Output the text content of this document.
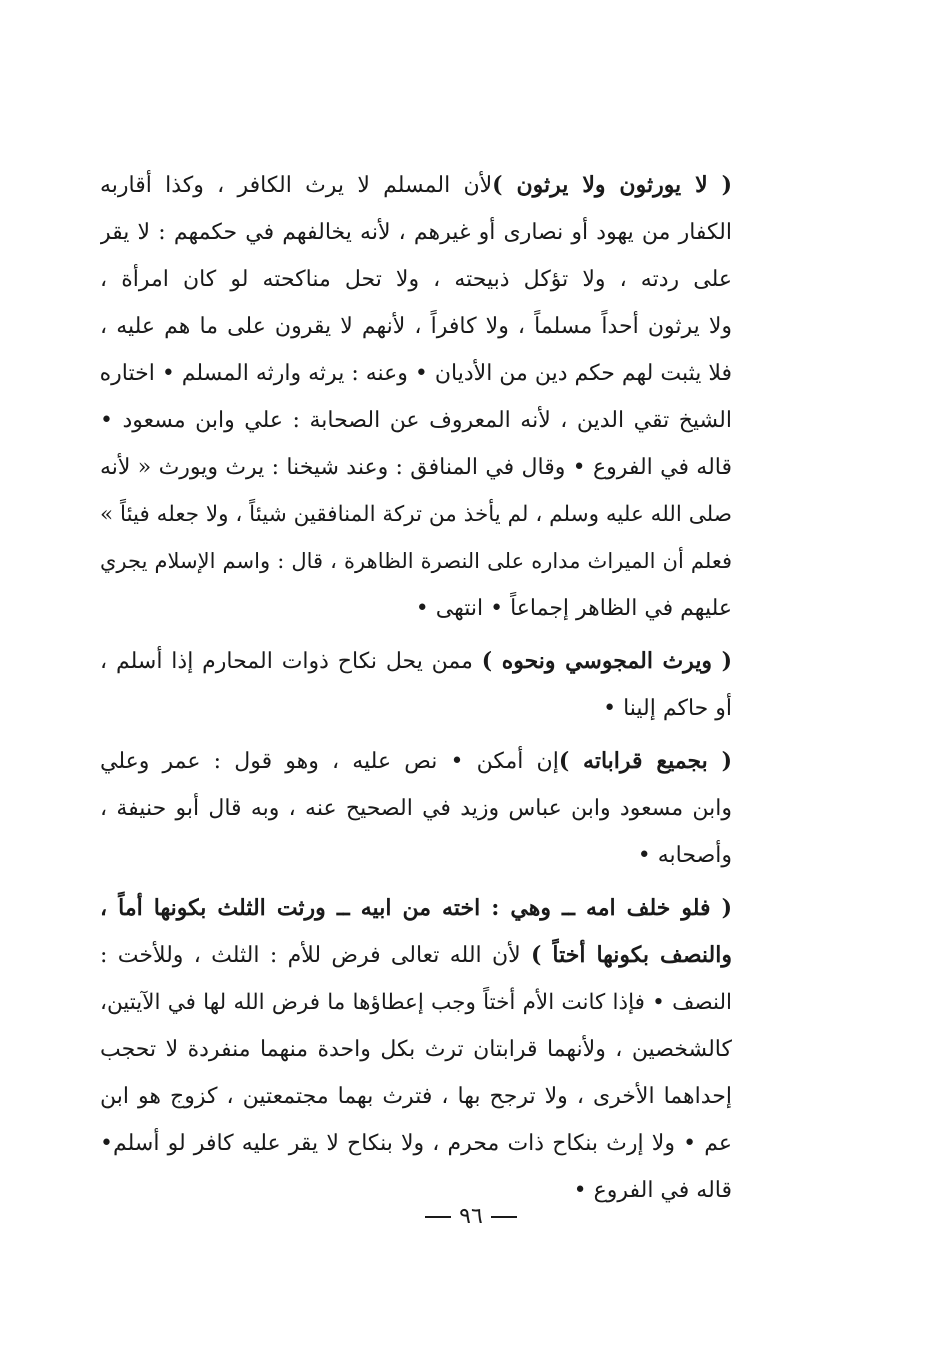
( لا يورثون ولا يرثون )لأن المسلم لا يرث الكافر ، وكذا أقاربه
الكفار من يهود أو نصارى أو غيرهم ، لأنه يخالفهم في حكمهم : لا يقر
على ردته ، ولا تؤكل ذبيحته ، ولا تحل مناكحته لو كان امرأة ،
ولا يرثون أحداً مسلماً ، ولا كافراً ، لأنهم لا يقرون على ما هم عليه ،
فلا يثبت لهم حكم دين من الأديان • وعنه : يرثه وارثه المسلم • اختاره
الشيخ تقي الدين ، لأنه المعروف عن الصحابة : علي وابن مسعود •
قاله في الفروع • وقال في المنافق : وعند شيخنا : يرث ويورث « لأنه
صلى الله عليه وسلم ، لم يأخذ من تركة المنافقين شيئاً ، ولا جعله فيئاً »
فعلم أن الميراث مداره على النصرة الظاهرة ، قال : واسم الإسلام يجري
عليهم في الظاهر إجماعاً • انتهى •
( ويرث المجوسي ونحوه ) ممن يحل نكاح ذوات المحارم إذا أسلم ،
أو حاكم إلينا •
( بجميع قراباته )إن أمكن • نص عليه ، وهو قول : عمر وعلي
وابن مسعود وابن عباس وزيد في الصحيح عنه ، وبه قال أبو حنيفة ،
وأصحابه •
( فلو خلف امه ــ وهي : اخته من ابيه ــ ورثت الثلث بكونها أماً ،
والنصف بكونها أختاً ) لأن الله تعالى فرض للأم : الثلث ، وللأخت :
النصف • فإذا كانت الأم أختاً وجب إعطاؤها ما فرض الله لها في الآيتين،
كالشخصين ، ولأنهما قرابتان ترث بكل واحدة منهما منفردة لا تحجب
إحداهما الأخرى ، ولا ترجح بها ، فترث بهما مجتمعتين ، كزوج هو ابن
عم • ولا إرث بنكاح ذات محرم ، ولا بنكاح لا يقر عليه كافر لو أسلم•
قاله في الفروع •
٩٦
